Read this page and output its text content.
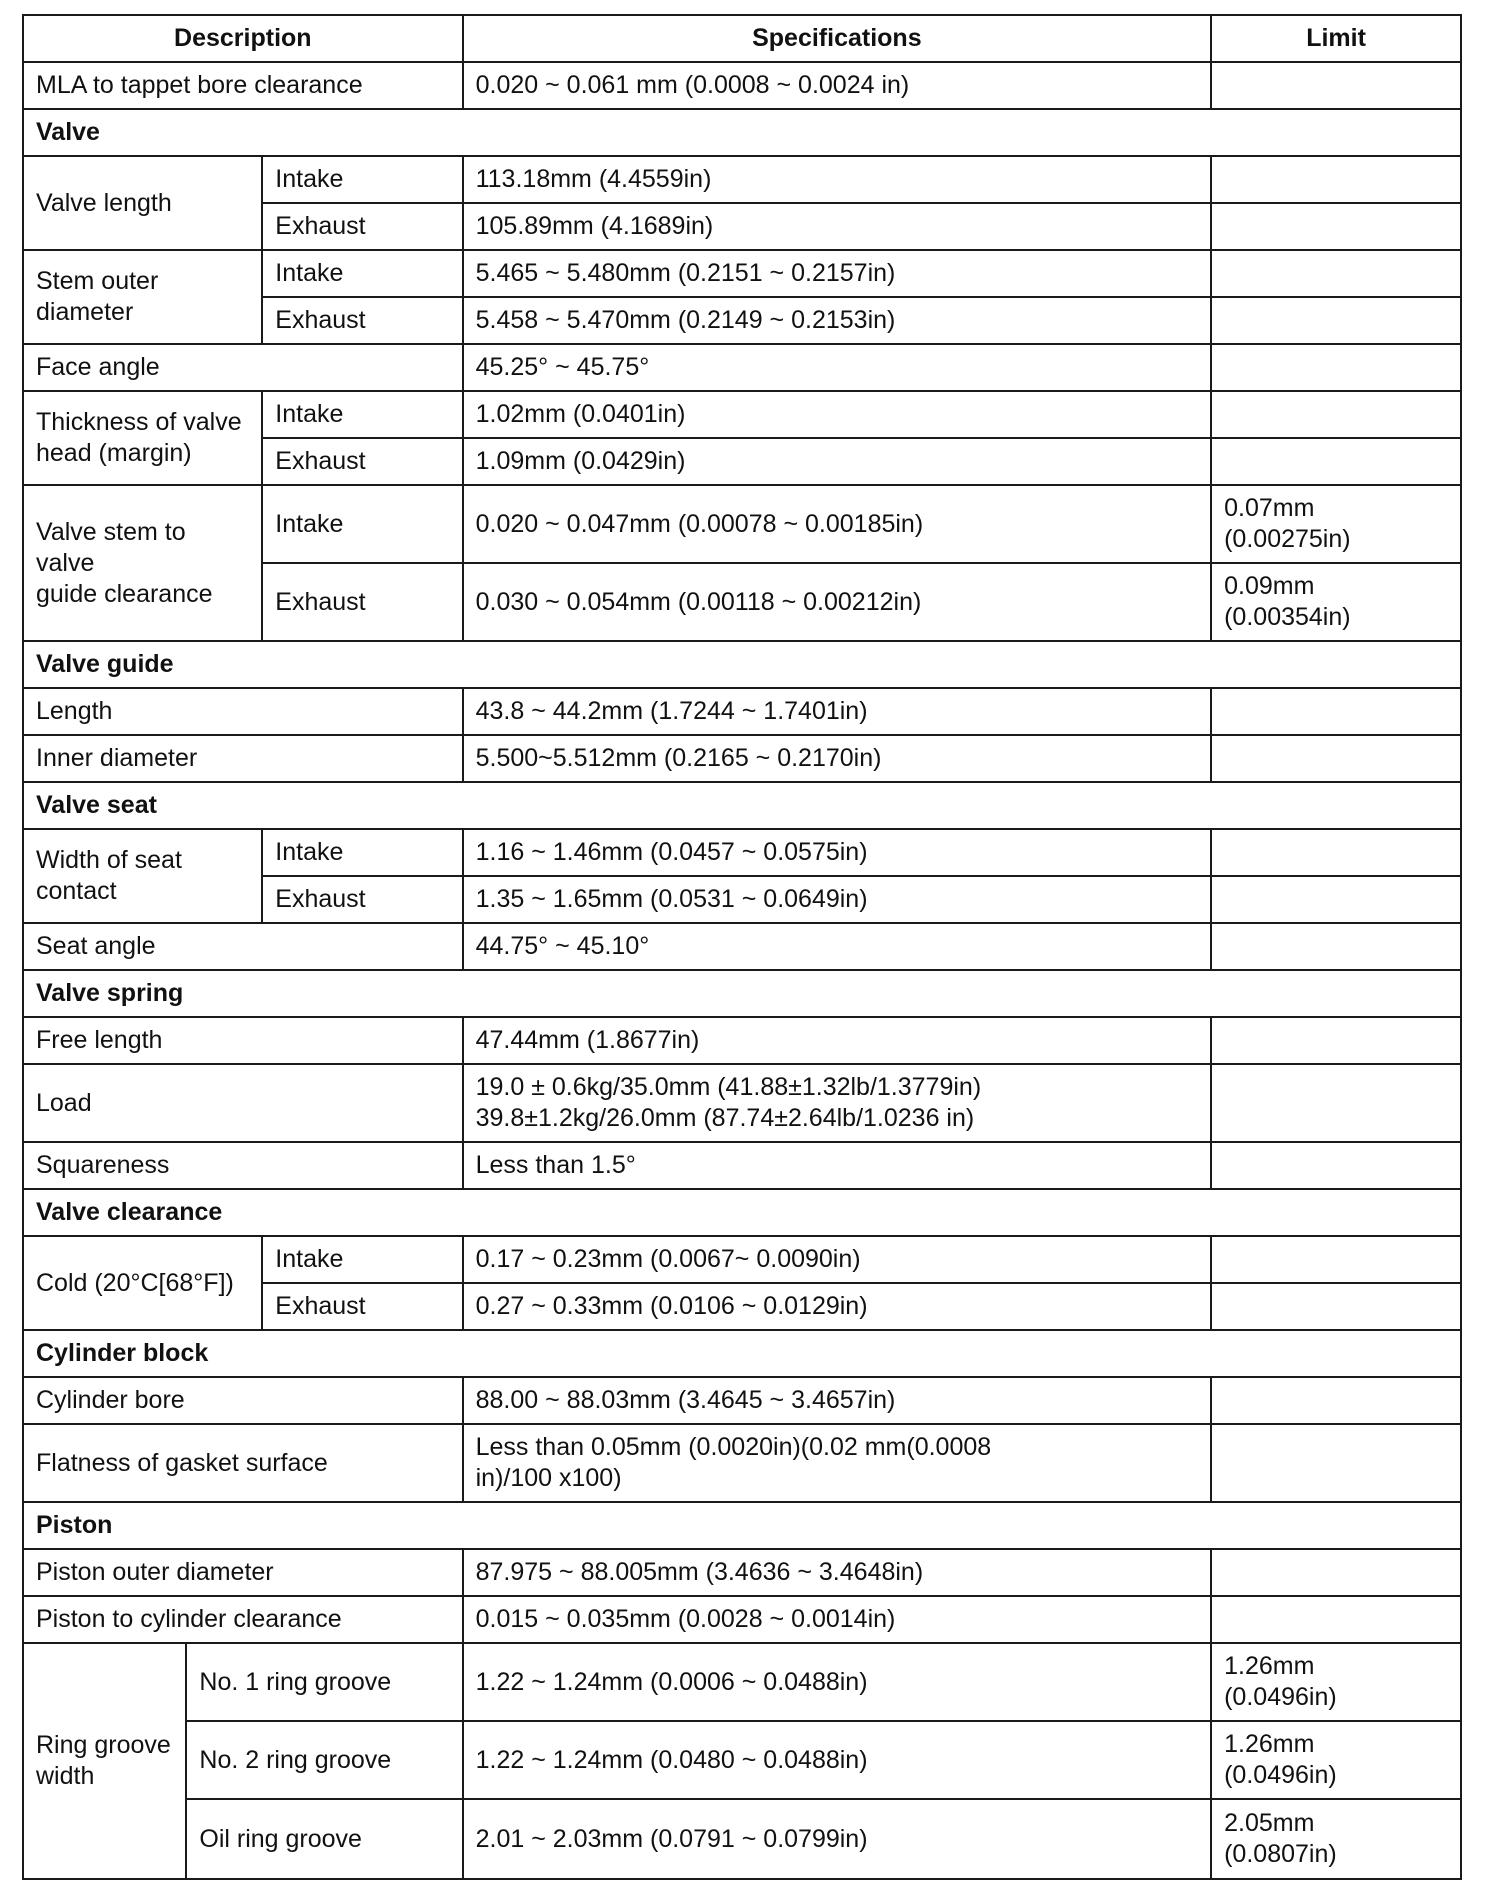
Description			Specifications	Limit
MLA to tappet bore clearance			0.020 ~ 0.061 mm (0.0008 ~ 0.0024 in)	
Valve				
Valve length		Intake	113.18mm (4.4559in)	
		Exhaust	105.89mm (4.1689in)	
Stem outer diameter		Intake	5.465 ~ 5.480mm (0.2151 ~ 0.2157in)	
		Exhaust	5.458 ~ 5.470mm (0.2149 ~ 0.2153in)	
Face angle			45.25° ~ 45.75°	
Thickness of valve
head (margin)		Intake	1.02mm (0.0401in)	
		Exhaust	1.09mm (0.0429in)	
Valve stem to valve
guide clearance		Intake	0.020 ~ 0.047mm (0.00078 ~ 0.00185in)	0.07mm
(0.00275in)
		Exhaust	0.030 ~ 0.054mm (0.00118 ~ 0.00212in)	0.09mm
(0.00354in)
Valve guide				
Length			43.8 ~ 44.2mm (1.7244 ~ 1.7401in)	
Inner diameter			5.500~5.512mm (0.2165 ~ 0.2170in)	
Valve seat				
Width of seat contact		Intake	1.16 ~ 1.46mm (0.0457 ~ 0.0575in)	
		Exhaust	1.35 ~ 1.65mm (0.0531 ~ 0.0649in)	
Seat angle			44.75° ~ 45.10°	
Valve spring				
Free length			47.44mm (1.8677in)	
Load			19.0 ± 0.6kg/35.0mm (41.88±1.32lb/1.3779in)
39.8±1.2kg/26.0mm (87.74±2.64lb/1.0236 in)	
Squareness			Less than 1.5°	
Valve clearance				
Cold (20°C[68°F])		Intake	0.17 ~ 0.23mm (0.0067~ 0.0090in)	
		Exhaust	0.27 ~ 0.33mm (0.0106 ~ 0.0129in)	
Cylinder block				
Cylinder bore			88.00 ~ 88.03mm (3.4645 ~ 3.4657in)	
Flatness of gasket surface			Less than 0.05mm (0.0020in)(0.02 mm(0.0008
in)/100 x100)	
Piston				
Piston outer diameter			87.975 ~ 88.005mm (3.4636 ~ 3.4648in)	
Piston to cylinder clearance			0.015 ~ 0.035mm (0.0028 ~ 0.0014in)	
Ring groove
width	No. 1 ring groove		1.22 ~ 1.24mm (0.0006 ~ 0.0488in)	1.26mm
(0.0496in)
	No. 2 ring groove		1.22 ~ 1.24mm (0.0480 ~ 0.0488in)	1.26mm
(0.0496in)
	Oil ring groove		2.01 ~ 2.03mm (0.0791 ~ 0.0799in)	2.05mm
(0.0807in)
